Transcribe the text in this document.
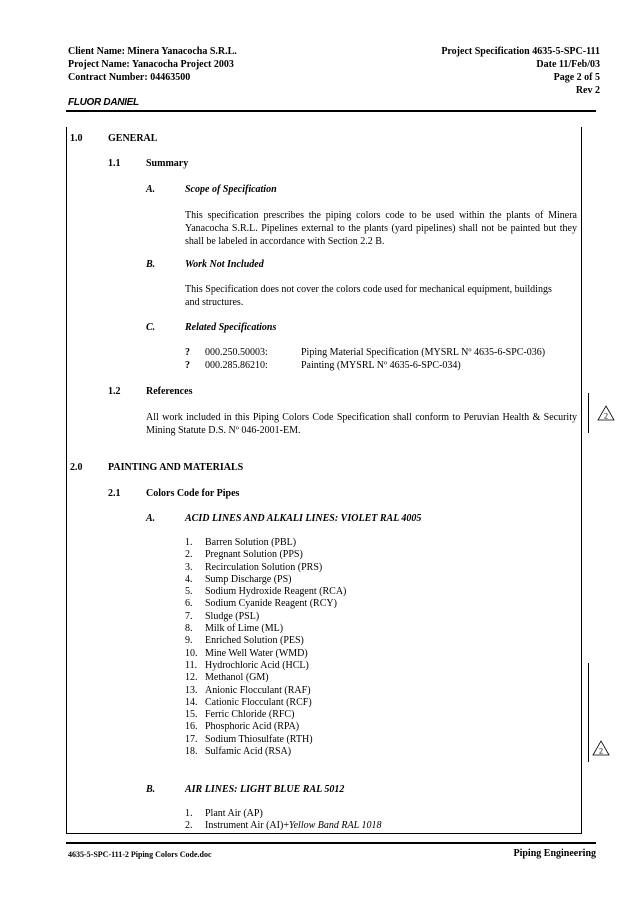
Client Name: Minera Yanacocha S.R.L.
Project Name: Yanacocha Project 2003
Contract Number: 04463500
Project Specification 4635-5-SPC-111
Date 11/Feb/03
Page 2 of 5
Rev 2
FLUOR DANIEL
2
2
1.0	GENERAL
1.1	Summary
A.	Scope of Specification
This specification prescribes the piping colors code to be used within the plants of Minera Yanacocha S.R.L. Pipelines external to the plants (yard pipelines) shall not be painted but they shall be labeled in accordance with Section 2.2 B.
B.	Work Not Included
This Specification does not cover the colors code used for mechanical equipment, buildings and structures.
C.	Related Specifications
?	000.250.50003:	Piping Material Specification (MYSRL Nº 4635-6-SPC-036)
?	000.285.86210:	Painting (MYSRL Nº 4635-6-SPC-034)
1.2	References
All work included in this Piping Colors Code Specification shall conform to Peruvian Health & Security Mining Statute D.S. Nº 046-2001-EM.
2.0	PAINTING AND MATERIALS
2.1	Colors Code for Pipes
A.	ACID LINES AND ALKALI LINES: VIOLET RAL 4005
1.	Barren Solution (PBL)
2.	Pregnant Solution (PPS)
3.	Recirculation Solution (PRS)
4.	Sump Discharge (PS)
5.	Sodium Hydroxide Reagent (RCA)
6.	Sodium Cyanide Reagent (RCY)
7.	Sludge (PSL)
8.	Milk of Lime (ML)
9.	Enriched Solution (PES)
10. Mine Well Water (WMD)
11. Hydrochloric Acid (HCL)
12. Methanol (GM)
13. Anionic Flocculant (RAF)
14. Cationic Flocculant (RCF)
15. Ferric Chloride (RFC)
16. Phosphoric Acid (RPA)
17. Sodium Thiosulfate (RTH)
18. Sulfamic Acid (RSA)
B.	AIR LINES: LIGHT BLUE RAL 5012
1.	Plant Air (AP)
2.	Instrument Air (AI)+Yellow Band RAL 1018
4635-5-SPC-111-2 Piping Colors Code.doc	Piping Engineering
